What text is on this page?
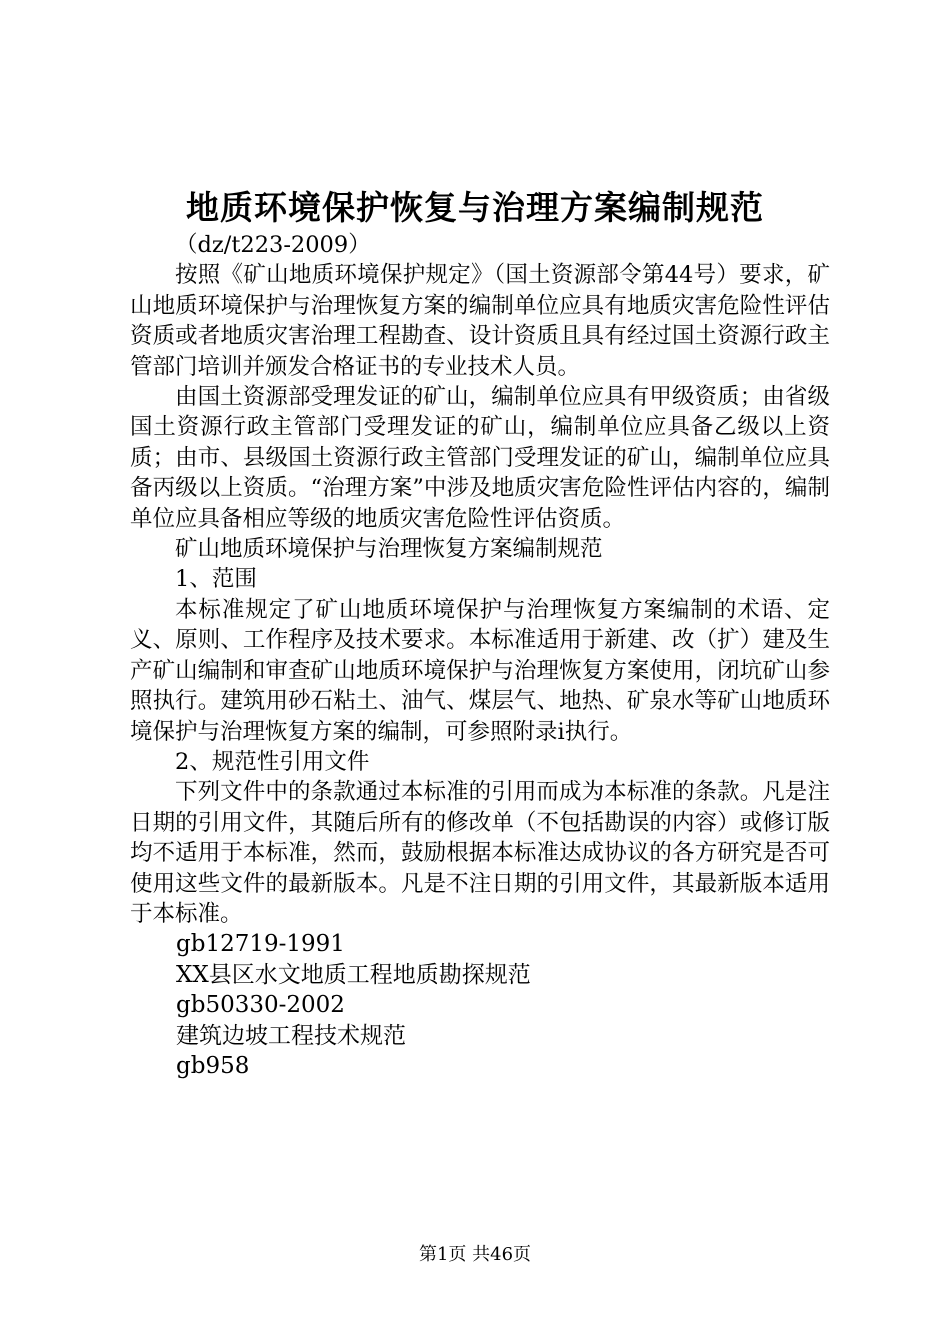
地质环境保护恢复与治理方案编制规范

（dz/t223-2009）

按照《矿山地质环境保护规定》（国土资源部令第44号）要求，矿山地质环境保护与治理恢复方案的编制单位应具有地质灾害危险性评估资质或者地质灾害治理工程勘查、设计资质且具有经过国土资源行政主管部门培训并颁发合格证书的专业技术人员。

由国土资源部受理发证的矿山，编制单位应具有甲级资质；由省级国土资源行政主管部门受理发证的矿山，编制单位应具备乙级以上资质；由市、县级国土资源行政主管部门受理发证的矿山，编制单位应具备丙级以上资质。“治理方案”中涉及地质灾害危险性评估内容的，编制单位应具备相应等级的地质灾害危险性评估资质。

矿山地质环境保护与治理恢复方案编制规范

1、范围

本标准规定了矿山地质环境保护与治理恢复方案编制的术语、定义、原则、工作程序及技术要求。本标准适用于新建、改（扩）建及生产矿山编制和审查矿山地质环境保护与治理恢复方案使用，闭坑矿山参照执行。建筑用砂石粘土、油气、煤层气、地热、矿泉水等矿山地质环境保护与治理恢复方案的编制，可参照附录i执行。

2、规范性引用文件

下列文件中的条款通过本标准的引用而成为本标准的条款。凡是注日期的引用文件，其随后所有的修改单（不包括勘误的内容）或修订版均不适用于本标准，然而，鼓励根据本标准达成协议的各方研究是否可使用这些文件的最新版本。凡是不注日期的引用文件，其最新版本适用于本标准。

gb12719-1991

XX县区水文地质工程地质勘探规范

gb50330-2002

建筑边坡工程技术规范

gb958

第1页 共46页
